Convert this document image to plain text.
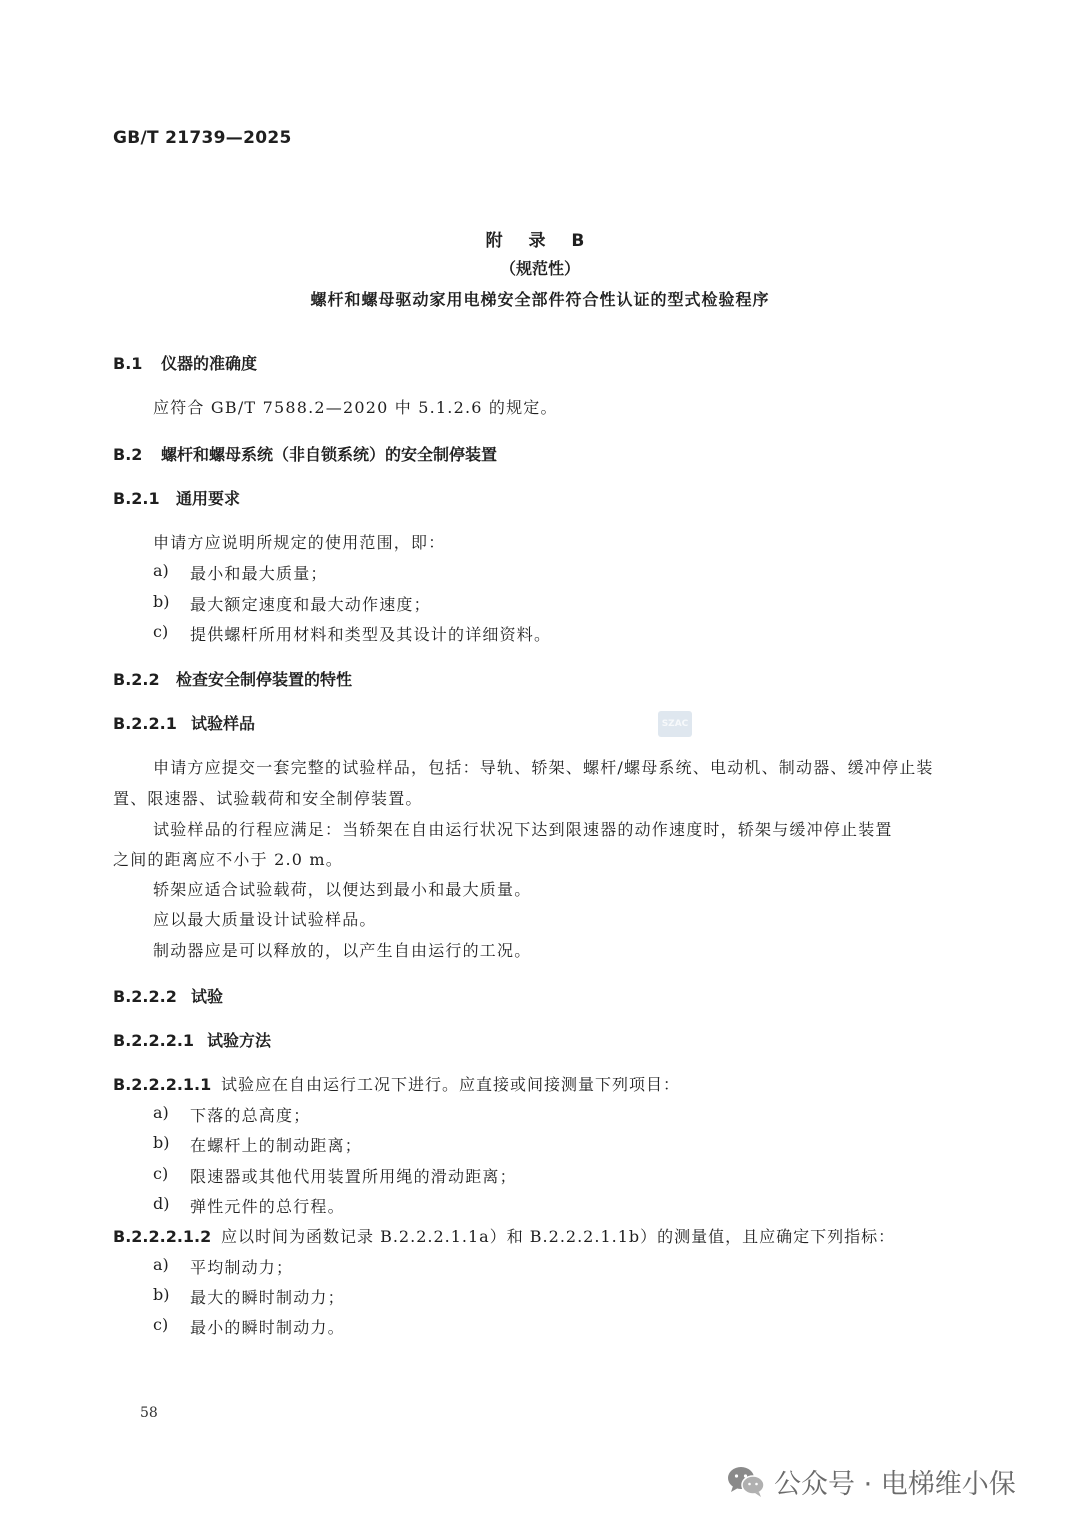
GB/T 21739—2025
附 录 B
（规范性）
螺杆和螺母驱动家用电梯安全部件符合性认证的型式检验程序
B.1 仪器的准确度
应符合 GB/T 7588.2—2020 中 5.1.2.6 的规定。
B.2 螺杆和螺母系统（非自锁系统）的安全制停装置
B.2.1 通用要求
申请方应说明所规定的使用范围，即：
a) 最小和最大质量；
b) 最大额定速度和最大动作速度；
c) 提供螺杆所用材料和类型及其设计的详细资料。
B.2.2 检查安全制停装置的特性
B.2.2.1 试验样品	SZAC
申请方应提交一套完整的试验样品，包括：导轨、轿架、螺杆/螺母系统、电动机、制动器、缓冲停止装
置、限速器、试验载荷和安全制停装置。
试验样品的行程应满足：当轿架在自由运行状况下达到限速器的动作速度时，轿架与缓冲停止装置
之间的距离应不小于 2.0 m。
轿架应适合试验载荷，以便达到最小和最大质量。
应以最大质量设计试验样品。
制动器应是可以释放的，以产生自由运行的工况。
B.2.2.2 试验
B.2.2.2.1 试验方法
B.2.2.2.1.1 试验应在自由运行工况下进行。应直接或间接测量下列项目：
a) 下落的总高度；
b) 在螺杆上的制动距离；
c) 限速器或其他代用装置所用绳的滑动距离；
d) 弹性元件的总行程。
B.2.2.2.1.2 应以时间为函数记录 B.2.2.2.1.1a）和 B.2.2.2.1.1b）的测量值，且应确定下列指标：
a) 平均制动力；
b) 最大的瞬时制动力；
c) 最小的瞬时制动力。
58
公众号 · 电梯维小保
